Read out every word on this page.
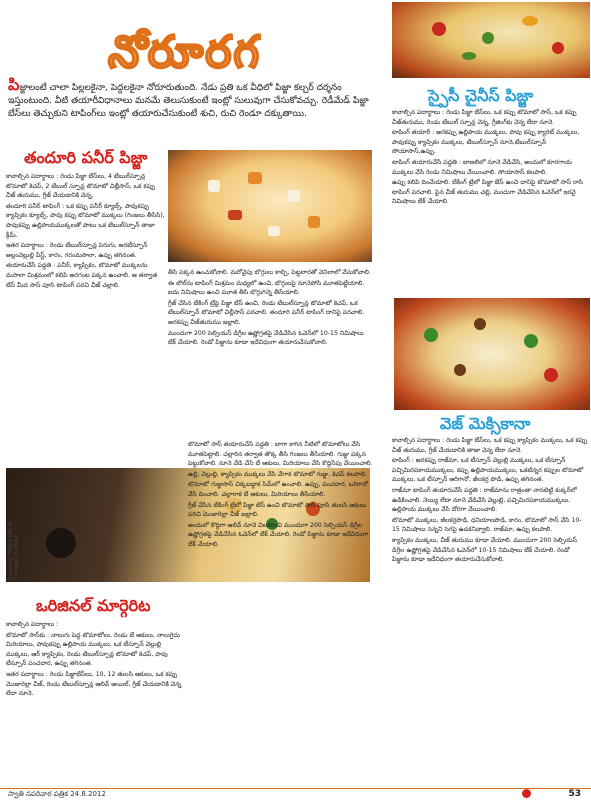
నోరూరగ
పిజ్జాలంటే చాలా పిల్లలకైనా, పెద్దలకైనా నోరూరుతుంది. నేడు ప్రతి ఒక వీధిలో పిజ్జా కల్చర్ దర్శనం ఇస్తుంటుంది. వీటి తయారీవిధానాలు మనమే తెలుసుకుంటే ఇంట్లో సులువుగా చేసుకోవచ్చు. రెడీమేడ్ పిజ్జా బేస్‌లు తెచ్చుకుని టాపింగ్‌లు ఇంట్లో తయారుచేసుకుంటే శుచి, రుచి రెండూ దక్కుతాయి.
స్పైసీ చైనీస్ పిజ్జా

కావాల్సిన పదార్థాలు : రెండు పిజ్జా బేస్‌లు, ఒక కప్పు టొమాటో సాస్, ఒక కప్పు చీజ్‌తురుము, రెండు టేబుల్ స్పూన్ల వెన్న, గ్రీజింగ్‌కు వెన్న లేదా నూనె.

టాపింగ్ తయారీ : అరకప్పు ఉల్లిపాయ ముక్కలు, పావు కప్పు క్యారెట్ ముక్కలు, పావుకప్పు క్యాప్సికం ముక్కలు, టేబుల్‌స్పూన్ నూనె,టేబుల్‌స్పూన్ సోయాసాస్,ఉప్పు.

టాపింగ్ తయారుచేసే పద్ధతి : బాణలిలో నూనె వేడిచేసి, అందులో కూరగాయ ముక్కలు వేసి రెండు నిమిషాలు వేయించాలి. సోయాసాస్ కలపాలి.

ఉప్పు కలిపి దించేయాలి. బేకింగ్ ట్రేలో పిజ్జా బేస్ ఉంచి దానిపై టొమాటో సాస్ రాసి టాపింగ్ పరచాలి. పైన చీజ్ తురుము చల్లి, మందుగా వేడిచేసిన ఓవెన్‌లో ఇరవై నిమిషాలు బేక్‌ చేయాలి.

తందూరి పనీర్ పిజ్జా

కావాల్సిన పదార్థాలు : రెండు పిజ్జా బేస్‌లు, 4 టేబుల్‌స్పూన్ల టొమాటో కెచప్, 2 టేబుల్ స్పూన్ల టొమాటో చిల్లీసాస్, ఒక కప్పు చీజ్ తురుము, గ్రీజ్ చేయడానికి వెన్న.

తందూరి పనీర్ టాపింగ్ : ఒక కప్పు పనీర్ క్యూబ్స్, పావుకప్పు క్యాప్సికం క్యూబ్స్, పావు కప్పు టొమాటో ముక్కలు (గింజలు తీసేసి), పావుకప్పు ఉల్లిపాయముక్కలతో పాటు ఒక టేబుల్‌స్పూన్ తాజా క్రీమ్.

ఇతర పదార్థాలు : రెండు టేబుల్‌స్పూన్ల పెరుగు, అరటీస్పూన్ అల్లంవెల్లుల్లి పేస్ట్, కారం, గరంమసాలా, ఉప్పు తగినంత.

తయారుచేసే పద్ధతి : పనీర్, క్యాప్సికం, టొమాటో ముక్కలను మసాలా మిశ్రమంలో కలిపి అరగంట పక్కన ఉంచాలి. ఆ తర్వాత బేస్ మీద సాస్ పూసి టాపింగ్ పరచి చీజ్ చల్లాలి.

తీసి పక్కన ఉంచుకోవాలి. మరోవైపు బొగ్గులు కాల్చి, పెట్టలారతో వెనిలాలో వేసుకోవాలి.

ఈ బౌల్‌ను టాపింగ్ మిశ్రమం మధ్యలో ఉంచి, బొగ్గులపై నూనెపోసి మూతపెట్టేయాలి. ఐదు నిమిషాలు ఉంచి మూత తీసి బొగ్గుగిన్నె తీసేయాలి.

గ్రీజ్ చేసిన బేకింగ్ ట్రేపై పిజ్జా బేస్ ఉంచి, రెండు టేబుల్‌స్పూన్ల టొమాటో కెచప్, ఒక టేబుల్‌స్పూన్ టొమాటో చిల్లీసాస్ పరచాలి. తందూరి పనీర్ టాపింగ్ దానిపై పరచాలి. అరకప్పు చీజ్‌తురుము జల్లాలి.

ముందుగా 200 సెల్సియస్ డిగ్రీల ఉష్ణోగ్రతపై వేడిచేసిన ఓవెన్‌లో 10-15 నిమిషాలు బేక్‌ చేయాలి. రెండో పిజ్జాను కూడా ఇదేవిధంగా తయారుచేసుకోవాలి.

వెజ్ మెక్సికానా

కావాల్సిన పదార్థాలు : రెండు పిజ్జా బేస్‌లు, ఒక కప్పు క్యాప్సికం ముక్కలు, ఒక కప్పు చీజ్ తురుము, గ్రీజ్ చేయడానికి తాజా వెన్న లేదా నూనె.

టాపింగ్ : అరకప్పు రాజ్‌మా, ఒక టీస్పూన్ వెల్లుల్లి ముక్కలు, ఒక టీస్పూన్ పచ్చిమిరపకాయముక్కలు, కప్పు ఉల్లిపాయముక్కలు, ఒకటిన్నర కప్పుల టొమాటో ముక్కలు, ఒక టీస్పూన్ ఆరిగానో, జీలకర్ర పొడి, ఉప్పు తగినంత.

రాజ్‌మా టాపింగ్ తయారుచేసే పద్ధతి : రాజ్‌మాను రాత్రంతా నానబెట్టి కుక్కర్‌లో ఉడికించాలి. నెయ్యి లేదా నూనె వేడిచేసి వెల్లుల్లి, పచ్చిమిరపకాయముక్కలు, ఉల్లిపాయ ముక్కలు వేసి దోరగా వేయించాలి.

టొమాటో ముక్కలు, జీలకర్రపొడి, ధనియాలపొడి, కారం, టొమాటో సాస్ వేసి 10-15 నిమిషాలు సన్నని సెగపై ఉడకనివ్వాలి. రాజ్‌మా, ఉప్పు కలపాలి.

క్యాప్సికం ముక్కలు, చీజ్ తురుము కూడా వేయాలి. ముందుగా 200 సెల్సియస్ డిగ్రీల ఉష్ణోగ్రతపై వేడిచేసిన ఓవెన్‌లో 10-15 నిమిషాలు బేక్ చేయాలి. రెండో పిజ్జాను కూడా ఇదేవిధంగా తయారుచేసుకోవాలి.

Courtesy: TARLA DALAL COOKING & MORE
ఒరిజినల్ మార్గెరిట

కావాల్సిన పదార్థాలు :

టొమాటో సాస్‌కు : నాలుగు పెద్ద టొమాటోలు, రెండు బే ఆకులు, నాలుగైదు మిరియాలు, పావుకప్పు ఉల్లిపాయ ముక్కలు, ఒక టీస్పూన్ వెల్లుల్లి ముక్కలు, ఆర్ క్యాప్సికం, రెండు టేబుల్‌స్పూన్ల టొమాటో కెచప్, పావు టీస్పూన్ పంచదార, ఉప్పు తగినంత.

ఇతర పదార్థాలు : రెండు పిజ్జాబేస్‌లు, 10, 12 తులసి ఆకులు, ఒక కప్పు మొజారెల్లా చీజ్, రెండు టేబుల్‌స్పూన్ల ఆలివ్ ఆయిల్, గ్రీజ్ చేయడానికి వెన్న లేదా నూనె.

టొమాటో సాస్ తయారుచేసే పద్ధతి : బాగా కాగిన నీటిలో టొమాటోలు వేసి మూతపెట్టాలి. చల్లారిన తర్వాత తొక్క తీసి గింజలు తీసేయాలి. గుజ్జు పక్కన పెట్టుకోవాలి. నూనె వేడి చేసి బే ఆకులు, మిరియాలు వేసి కొద్దిసేపు వేయించాలి.

ఉల్లి, వెల్లుల్లి, క్యాప్సికం ముక్కలు వేసి వేగాక టొమాటో గుజ్జు, కెచప్ కలపాలి.

టొమాటో గుజ్జుసాస్ చిక్కబడ్డాక సిమ్‌లో ఉంచాలి. ఉప్పు, పంచదార, ఒరిగానో వేసి దించాలి. చల్లారాక బే ఆకులు, మిరియాలు తీసేయాలి.

గ్రీజ్ చేసిన బేకింగ్ ట్రేలో పిజ్జా బేస్ ఉంచి టొమాటో సాస్ పూసి తులసి ఆకులు పరిచి మొజారెల్లా చీజ్ జల్లాలి.

అందులో కొద్దిగా ఆలివ్ నూనె చిలకరించి ముందుగా 200 సెల్సియస్ డిగ్రీల ఉష్ణోగ్రతపై వేడిచేసిన ఓవెన్‌లో బేక్ చేయాలి. రెండో పిజ్జాను కూడా ఇదేవిధంగా బేక్‌ చేయాలి.

స్వాతి సపరివార పత్రిక 24.8.2012	53
